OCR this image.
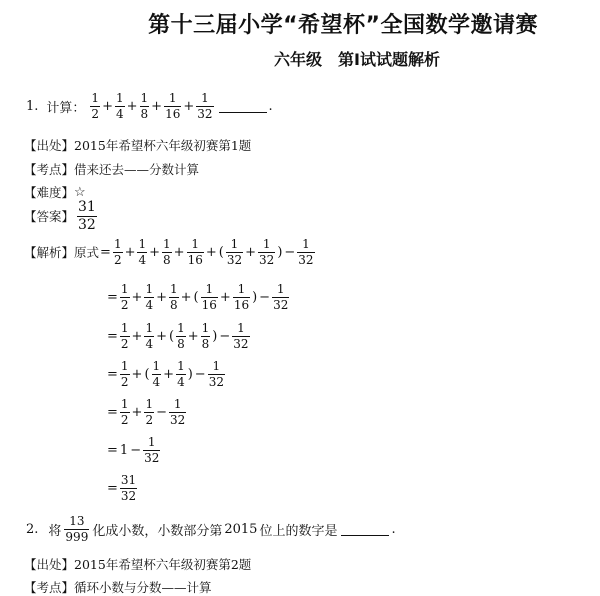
第十三届小学“希望杯”全国数学邀请赛
六年级　第Ⅰ试试题解析
1. 计算： $\frac{1}{2} + \frac{1}{4} + \frac{1}{8} + \frac{1}{16} + \frac{1}{32}$	.
【出处】 2015年希望杯六年级初赛第1题
【考点】 借来还去——分数计算
【难度】 ☆
【答案】 $\frac{31}{32}$
【解析】 原式 = $\frac{1}{2} + \frac{1}{4} + \frac{1}{8} + \frac{1}{16}$ + ( $\frac{1}{32} + \frac{1}{32}$ ) − $\frac{1}{32}$
= $\frac{1}{2} + \frac{1}{4} + \frac{1}{8}$ + ( $\frac{1}{16} + \frac{1}{16}$ ) − $\frac{1}{32}$
= $\frac{1}{2} + \frac{1}{4}$ + ( $\frac{1}{8} + \frac{1}{8}$ ) − $\frac{1}{32}$
= $\frac{1}{2}$ + ( $\frac{1}{4} + \frac{1}{4}$ ) − $\frac{1}{32}$
= $\frac{1}{2} + \frac{1}{2} - \frac{1}{32}$
= $1 - \frac{1}{32}$
= $\frac{31}{32}$
2. 将 $\frac{13}{999}$ 化成小数，小数部分第 2015 位上的数字是	.
【出处】 2015年希望杯六年级初赛第2题
【考点】 循环小数与分数——计算
